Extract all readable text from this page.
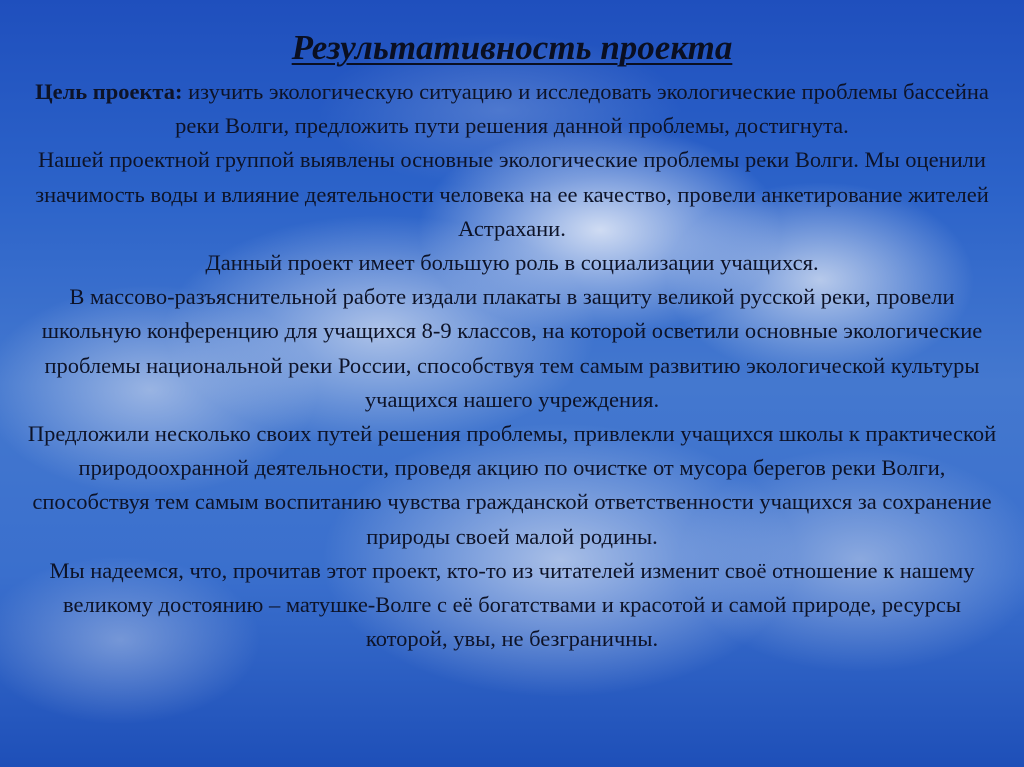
Результативность проекта

Цель проекта: изучить экологическую ситуацию и исследовать экологические проблемы бассейна реки Волги, предложить пути решения данной проблемы, достигнута.

Нашей проектной группой выявлены основные экологические проблемы реки Волги. Мы оценили значимость воды и влияние деятельности человека на ее качество, провели анкетирование жителей Астрахани.

Данный проект имеет большую роль в социализации учащихся.

В массово-разъяснительной работе издали плакаты в защиту великой русской реки, провели школьную конференцию для учащихся 8-9 классов, на которой осветили основные экологические проблемы национальной реки России, способствуя тем самым развитию экологической культуры учащихся нашего учреждения.

Предложили несколько своих путей решения проблемы, привлекли учащихся школы к практической природоохранной деятельности, проведя акцию по очистке от мусора берегов реки Волги, способствуя тем самым воспитанию чувства гражданской ответственности учащихся за сохранение природы своей малой родины.

Мы надеемся, что, прочитав этот проект, кто-то из читателей изменит своё отношение к нашему великому достоянию – матушке-Волге с её богатствами и красотой и самой природе, ресурсы которой, увы, не безграничны.
